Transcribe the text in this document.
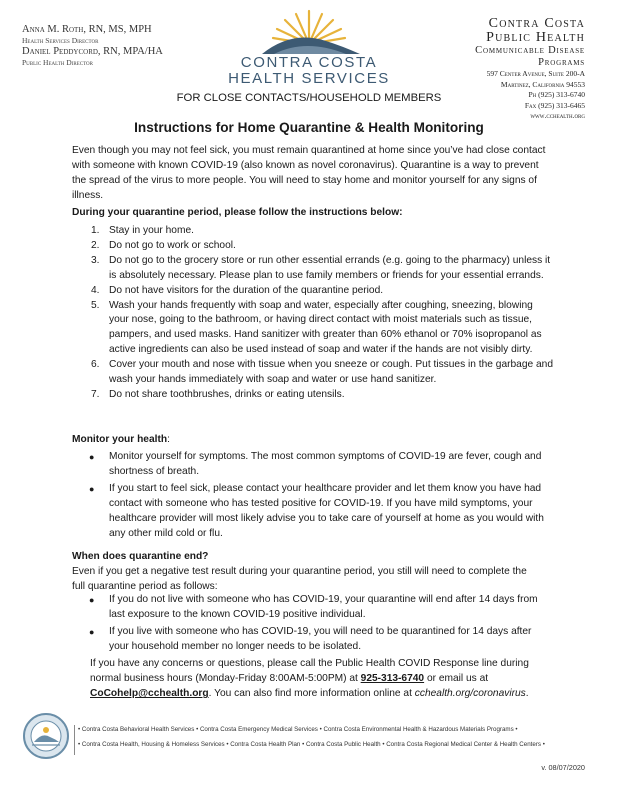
Anna M. Roth, RN, MS, MPH
Health Services Director
Daniel Peddycord, RN, MPA/HA
Public Health Director	CONTRA COSTA
HEALTH SERVICES
Contra Costa
Public Health
Communicable Disease
Programs
597 Center Avenue, Suite 200-A
Martinez, California 94553
Ph (925) 313-6740
Fax (925) 313-6465
www.cchealth.org
FOR CLOSE CONTACTS/HOUSEHOLD MEMBERS
Instructions for Home Quarantine & Health Monitoring
Even though you may not feel sick, you must remain quarantined at home since you’ve had close contact with someone with known COVID-19 (also known as novel coronavirus). Quarantine is a way to prevent the spread of the virus to more people. You will need to stay home and monitor yourself for any signs of illness.
During your quarantine period, please follow the instructions below:
1. Stay in your home.
2. Do not go to work or school.
3. Do not go to the grocery store or run other essential errands (e.g. going to the pharmacy) unless it is absolutely necessary. Please plan to use family members or friends for your essential errands.
4. Do not have visitors for the duration of the quarantine period.
5. Wash your hands frequently with soap and water, especially after coughing, sneezing, blowing your nose, going to the bathroom, or having direct contact with moist materials such as tissue, pampers, and used masks. Hand sanitizer with greater than 60% ethanol or 70% isopropanol as active ingredients can also be used instead of soap and water if the hands are not visibly dirty.
6. Cover your mouth and nose with tissue when you sneeze or cough. Put tissues in the garbage and wash your hands immediately with soap and water or use hand sanitizer.
7. Do not share toothbrushes, drinks or eating utensils.
Monitor your health:
● Monitor yourself for symptoms. The most common symptoms of COVID-19 are fever, cough and shortness of breath.
● If you start to feel sick, please contact your healthcare provider and let them know you have had contact with someone who has tested positive for COVID-19. If you have mild symptoms, your healthcare provider will most likely advise you to take care of yourself at home as you would with any other mild cold or flu.
When does quarantine end?
Even if you get a negative test result during your quarantine period, you still will need to complete the full quarantine period as follows:
● If you do not live with someone who has COVID-19, your quarantine will end after 14 days from last exposure to the known COVID-19 positive individual.
● If you live with someone who has COVID-19, you will need to be quarantined for 14 days after your household member no longer needs to be isolated.
If you have any concerns or questions, please call the Public Health COVID Response line during normal business hours (Monday-Friday 8:00AM-5:00PM) at 925-313-6740 or email us at CoCohelp@cchealth.org. You can also find more information online at cchealth.org/coronavirus.
• Contra Costa Behavioral Health Services • Contra Costa Emergency Medical Services • Contra Costa Environmental Health & Hazardous Materials Programs •
• Contra Costa Health, Housing & Homeless Services • Contra Costa Health Plan • Contra Costa Public Health • Contra Costa Regional Medical Center & Health Centers •
v. 08/07/2020
